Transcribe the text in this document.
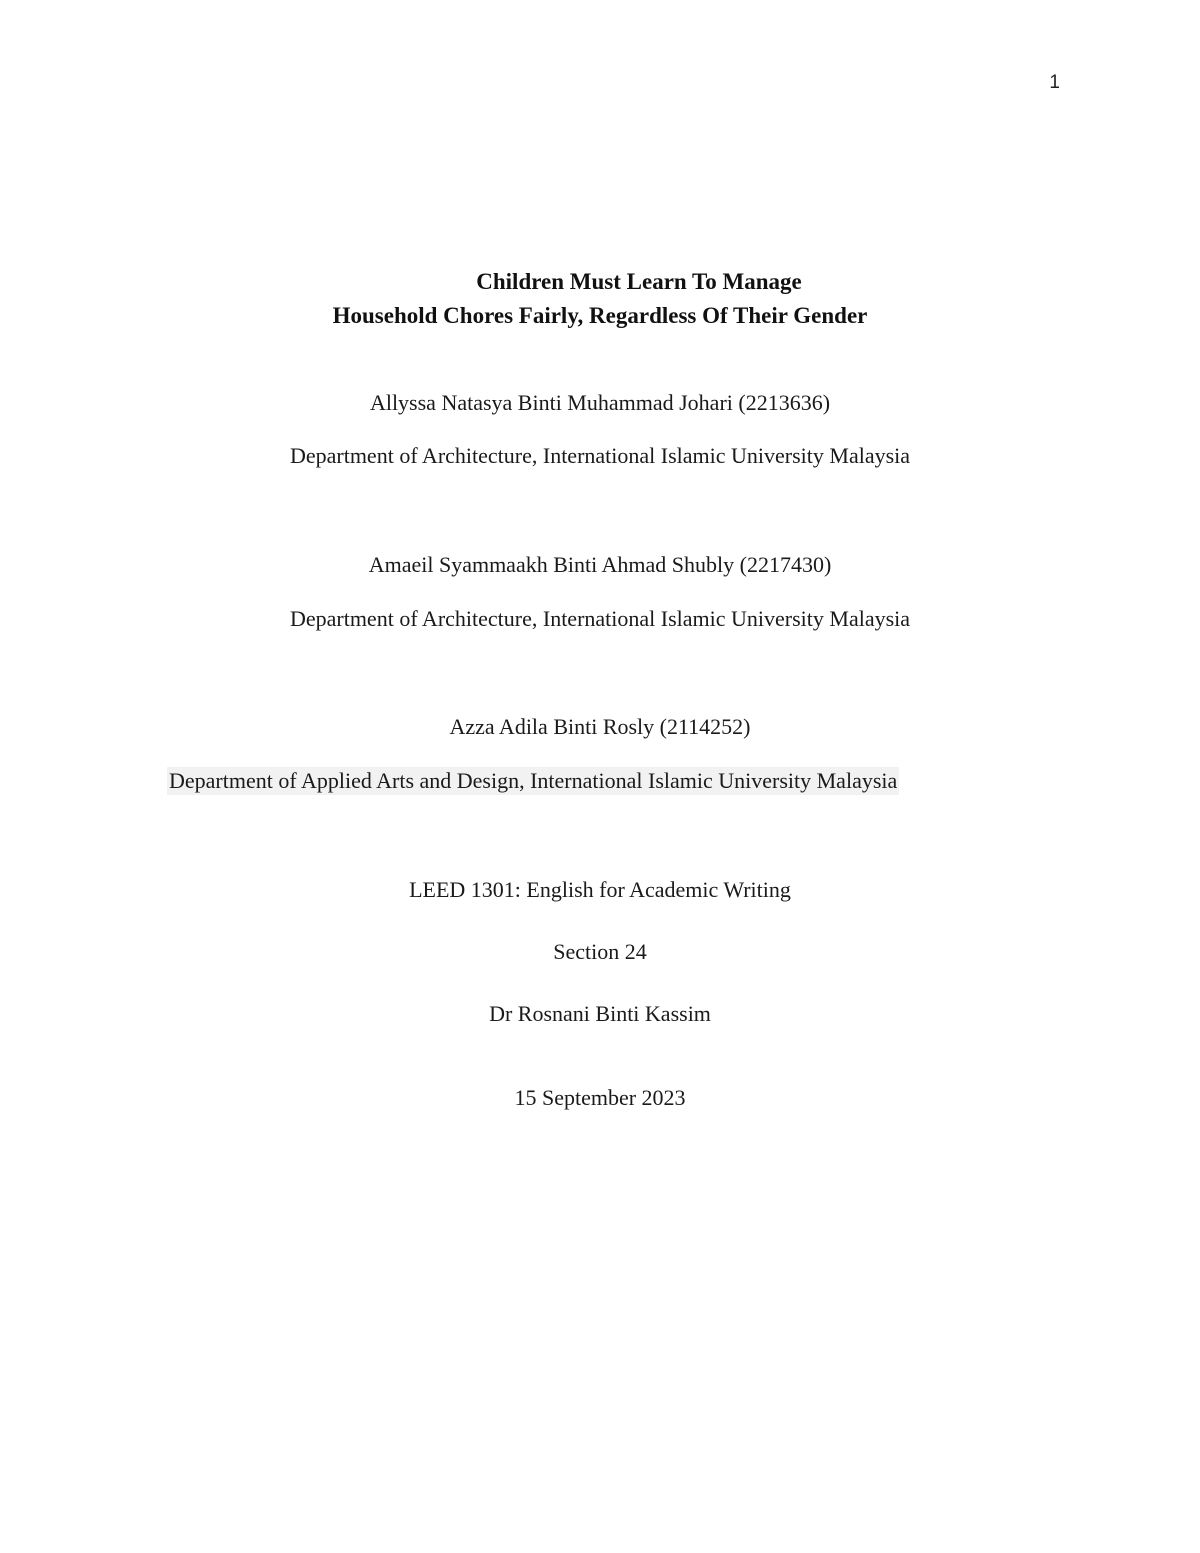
1
Children Must Learn To Manage
Household Chores Fairly, Regardless Of Their Gender
Allyssa Natasya Binti Muhammad Johari (2213636)
Department of Architecture, International Islamic University Malaysia
Amaeil Syammaakh Binti Ahmad Shubly (2217430)
Department of Architecture, International Islamic University Malaysia
Azza Adila Binti Rosly (2114252)
Department of Applied Arts and Design, International Islamic University Malaysia
LEED 1301: English for Academic Writing
Section 24
Dr Rosnani Binti Kassim
15 September 2023
